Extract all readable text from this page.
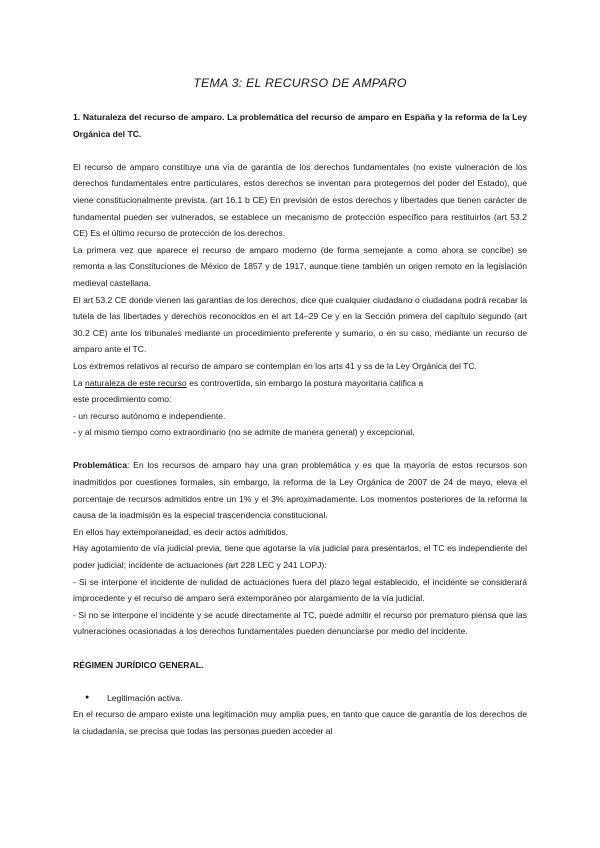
TEMA 3: EL RECURSO DE AMPARO

1. Naturaleza del recurso de amparo. La problemática del recurso de amparo en España y la reforma de la Ley Orgánica del TC.

El recurso de amparo constituye una vía de garantía de los derechos fundamentales (no existe vulneración de los derechos fundamentales entre particulares, estos derechos se inventan para protegernos del poder del Estado), que viene constitucionalmente prevista. (art 16.1 b CE) En previsión de estos derechos y libertades que tienen carácter de fundamental pueden ser vulnerados, se establece un mecanismo de protección específico para restituirlos (art 53.2 CE) Es el último recurso de protección de los derechos.

La primera vez que aparece el recurso de amparo moderno (de forma semejante a como ahora se concibe) se remonta a las Constituciones de México de 1857 y de 1917, aunque tiene también un origen remoto en la legislación medieval castellana.

El art 53.2 CE donde vienen las garantías de los derechos, dice que cualquier ciudadano o ciudadana podrá recabar la tutela de las libertades y derechos reconocidos en el art 14–29 Ce y en la Sección primera del capítulo segundo (art 30.2 CE) ante los tribunales mediante un procedimiento preferente y sumario, o en su caso, mediante un recurso de amparo ante el TC.

Los extremos relativos al recurso de amparo se contemplan en los arts 41 y ss de la Ley Orgánica del TC.

La naturaleza de este recurso es controvertida, sin embargo la postura mayoritaria califica a

este procedimiento como:

- un recurso autónomo e independiente.

- y al mismo tiempo como extraordinario (no se admite de manera general) y excepcional.

Problemática: En los recursos de amparo hay una gran problemática y es que la mayoría de estos recursos son inadmitidos por cuestiones formales, sin embargo, la reforma de la Ley Orgánica de 2007 de 24 de mayo, eleva el porcentaje de recursos admitidos entre un 1% y el 3% aproximadamente. Los momentos posteriores de la reforma la causa de la inadmisión es la especial trascendencia constitucional.

En ellos hay extemporaneidad, es decir actos admitidos.

Hay agotamiento de vía judicial previa, tiene que agotarse la vía judicial para presentarlos, el TC es independiente del poder judicial; incidente de actuaciones (art 228 LEC y 241 LOPJ):

- Si se interpone el incidente de nulidad de actuaciones fuera del plazo legal establecido, el incidente se considerará improcedente y el recurso de amparo será extemporáneo por alargamiento de la vía judicial.

- Si no se interpone el incidente y se acude directamente al TC, puede admitir el recurso por prematuro piensa que las vulneraciones ocasionadas a los derechos fundamentales pueden denunciarse por medio del incidente.

RÉGIMEN JURÍDICO GENERAL.

●	Legitimación activa.

En el recurso de amparo existe una legitimación muy amplia pues, en tanto que cauce de garantía de los derechos de la ciudadanía, se precisa que todas las personas pueden acceder al
